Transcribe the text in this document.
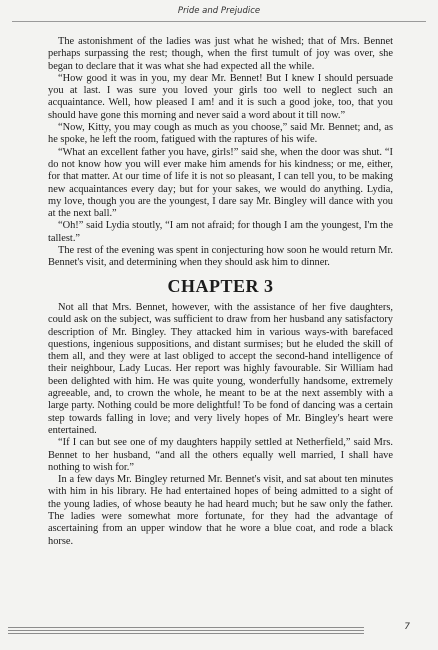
Pride and Prejudice

The astonishment of the ladies was just what he wished; that of Mrs. Bennet perhaps surpassing the rest; though, when the first tumult of joy was over, she began to declare that it was what she had expected all the while.

“How good it was in you, my dear Mr. Bennet! But I knew I should persuade you at last. I was sure you loved your girls too well to neglect such an acquaintance. Well, how pleased I am! and it is such a good joke, too, that you should have gone this morning and never said a word about it till now.”

“Now, Kitty, you may cough as much as you choose,” said Mr. Bennet; and, as he spoke, he left the room, fatigued with the raptures of his wife.

“What an excellent father you have, girls!” said she, when the door was shut. “I do not know how you will ever make him amends for his kindness; or me, either, for that matter. At our time of life it is not so pleasant, I can tell you, to be making new acquaintances every day; but for your sakes, we would do anything. Lydia, my love, though you are the youngest, I dare say Mr. Bingley will dance with you at the next ball.”

“Oh!” said Lydia stoutly, “I am not afraid; for though I am the youngest, I'm the tallest.”

The rest of the evening was spent in conjecturing how soon he would return Mr. Bennet's visit, and determining when they should ask him to dinner.

CHAPTER 3

Not all that Mrs. Bennet, however, with the assistance of her five daughters, could ask on the subject, was sufficient to draw from her husband any satisfactory description of Mr. Bingley. They attacked him in various ways-with barefaced questions, ingenious suppositions, and distant surmises; but he eluded the skill of them all, and they were at last obliged to accept the second-hand intelligence of their neighbour, Lady Lucas. Her report was highly favourable. Sir William had been delighted with him. He was quite young, wonderfully handsome, extremely agreeable, and, to crown the whole, he meant to be at the next assembly with a large party. Nothing could be more delightful! To be fond of dancing was a certain step towards falling in love; and very lively hopes of Mr. Bingley's heart were entertained.

“If I can but see one of my daughters happily settled at Netherfield,” said Mrs. Bennet to her husband, “and all the others equally well married, I shall have nothing to wish for.”

In a few days Mr. Bingley returned Mr. Bennet's visit, and sat about ten minutes with him in his library. He had entertained hopes of being admitted to a sight of the young ladies, of whose beauty he had heard much; but he saw only the father. The ladies were somewhat more fortunate, for they had the advantage of ascertaining from an upper window that he wore a blue coat, and rode a black horse.

7
